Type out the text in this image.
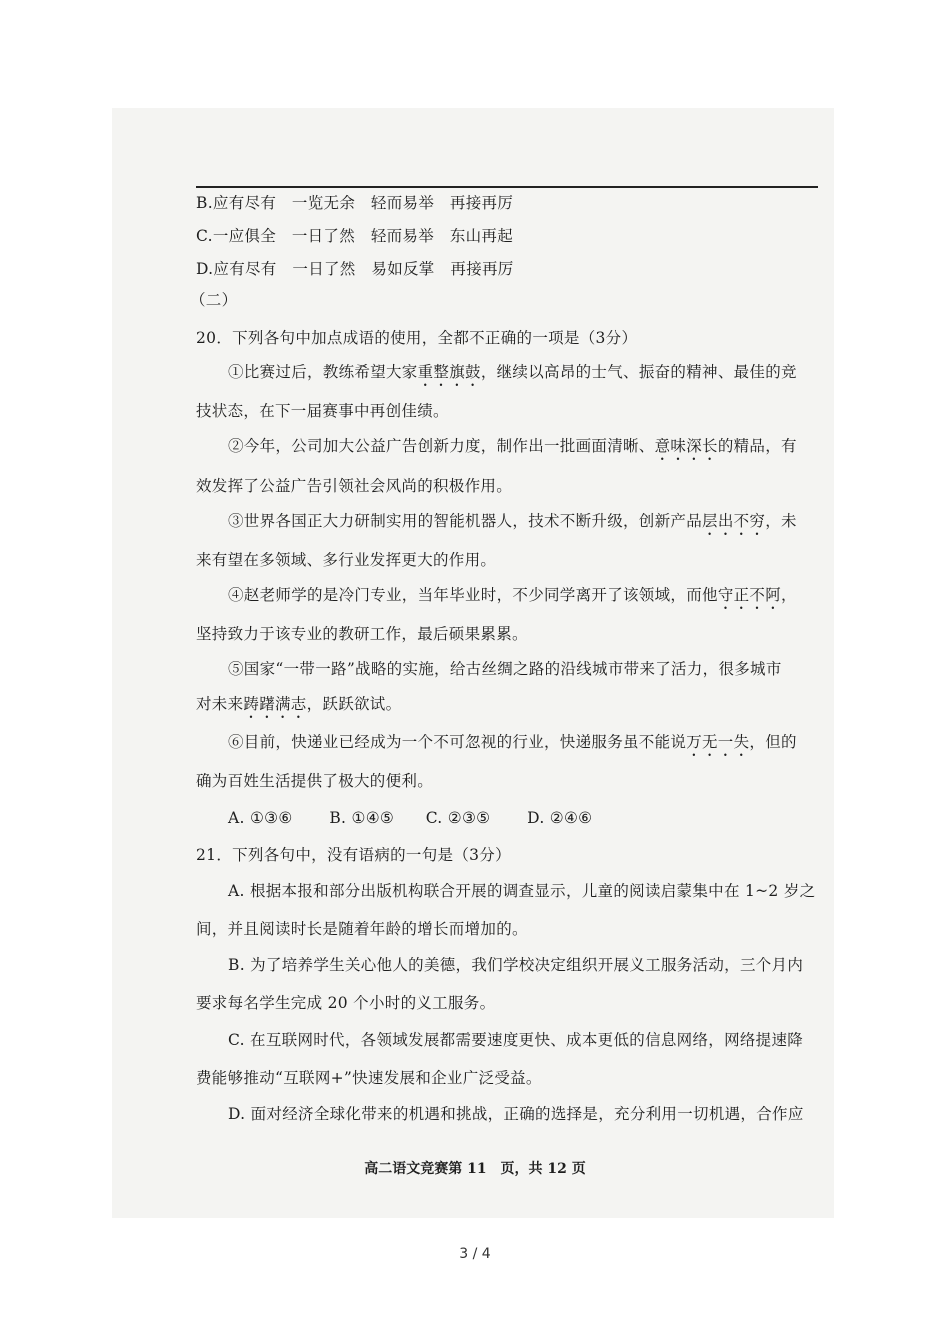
B.应有尽有　一览无余　轻而易举　再接再厉
C.一应俱全　一日了然　轻而易举　东山再起
D.应有尽有　一日了然　易如反掌　再接再厉
（二）
20．下列各句中加点成语的使用，全都不正确的一项是（3分）
①比赛过后，教练希望大家重整旗鼓，继续以高昂的士气、振奋的精神、最佳的竞
技状态，在下一届赛事中再创佳绩。
②今年，公司加大公益广告创新力度，制作出一批画面清晰、意味深长的精品，有
效发挥了公益广告引领社会风尚的积极作用。
③世界各国正大力研制实用的智能机器人，技术不断升级，创新产品层出不穷，未
来有望在多领域、多行业发挥更大的作用。
④赵老师学的是冷门专业，当年毕业时，不少同学离开了该领域，而他守正不阿，
坚持致力于该专业的教研工作，最后硕果累累。
⑤国家“一带一路”战略的实施，给古丝绸之路的沿线城市带来了活力，很多城市
对未来踌躇满志，跃跃欲试。
⑥目前，快递业已经成为一个不可忽视的行业，快递服务虽不能说万无一失，但的
确为百姓生活提供了极大的便利。
A. ①③⑥　　 B. ①④⑤　　C. ②③⑤　　 D. ②④⑥
21．下列各句中，没有语病的一句是（3分）
A. 根据本报和部分出版机构联合开展的调查显示，儿童的阅读启蒙集中在 1~2 岁之
间，并且阅读时长是随着年龄的增长而增加的。
B. 为了培养学生关心他人的美德，我们学校决定组织开展义工服务活动，三个月内
要求每名学生完成 20 个小时的义工服务。
C. 在互联网时代，各领域发展都需要速度更快、成本更低的信息网络，网络提速降
费能够推动“互联网+”快速发展和企业广泛受益。
D. 面对经济全球化带来的机遇和挑战，正确的选择是，充分利用一切机遇，合作应
高二语文竞赛第 11　页，共 12 页
3 / 4
